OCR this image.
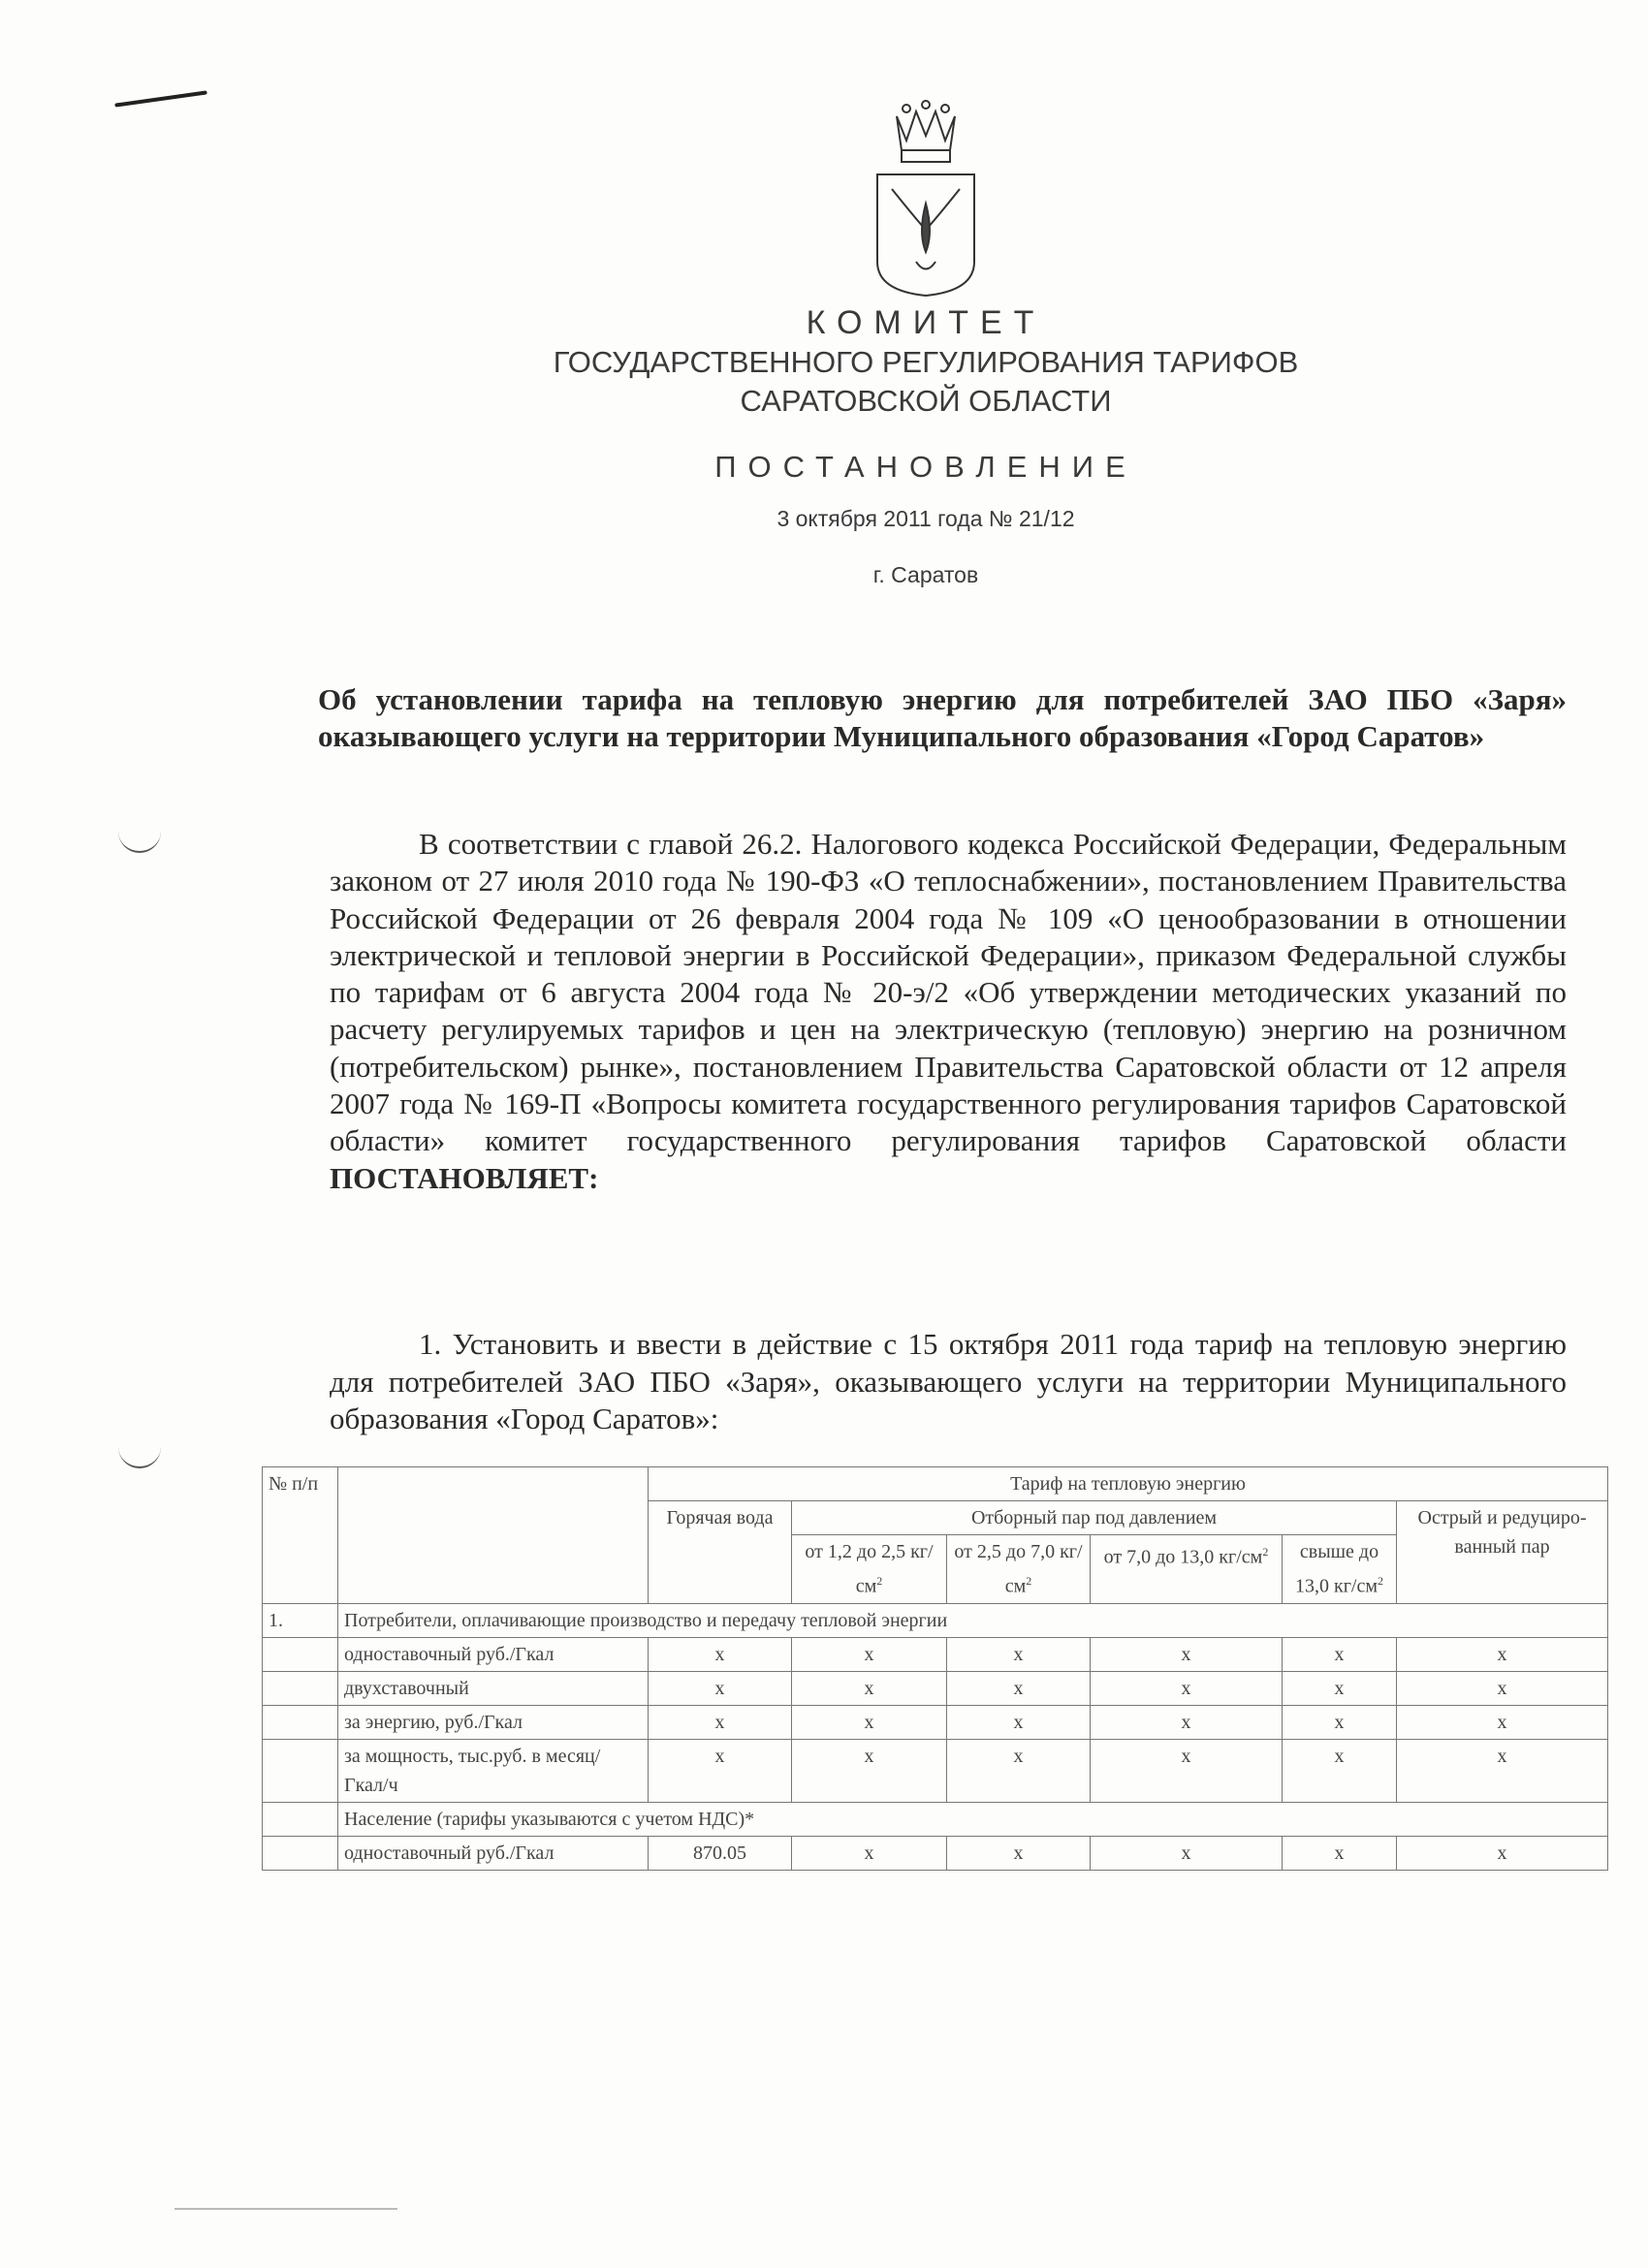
КОМИТЕТ

ГОСУДАРСТВЕННОГО РЕГУЛИРОВАНИЯ ТАРИФОВ

САРАТОВСКОЙ ОБЛАСТИ

ПОСТАНОВЛЕНИЕ
3 октября 2011 года № 21/12
г. Саратов

Об установлении тарифа на тепловую энергию для потребителей ЗАО ПБО «Заря» оказывающего услуги на территории Муниципального образования «Город Саратов»

В соответствии с главой 26.2. Налогового кодекса Российской Федерации, Федеральным законом от 27 июля 2010 года № 190-ФЗ «О теплоснабжении», постановлением Правительства Российской Федерации от 26 февраля 2004 года № 109 «О ценообразовании в отношении электрической и тепловой энергии в Российской Федерации», приказом Федеральной службы по тарифам от 6 августа 2004 года № 20-э/2 «Об утверждении методических указаний по расчету регулируемых тарифов и цен на электрическую (тепловую) энергию на розничном (потребительском) рынке», постановлением Правительства Саратовской области от 12 апреля 2007 года № 169-П «Вопросы комитета государственного регулирования тарифов Саратовской области» комитет государственного регулирования тарифов Саратовской области ПОСТАНОВЛЯЕТ:

1. Установить и ввести в действие с 15 октября 2011 года тариф на тепловую энергию для потребителей ЗАО ПБО «Заря», оказывающего услуги на территории Муниципального образования «Город Саратов»:

№ п/п		Тариф на тепловую энергию					
		Горячая вода	Отборный пар под давлением				Острый и редуциро-ванный пар
			от 1,2 до 2,5 $кг/см^2$	от 2,5 до 7,0 $кг/см^2$	от 7,0 до 13,0 $кг/см^2$	свыше до 13,0 $кг/см^2$
1.	Потребители, оплачивающие производство и передачу тепловой энергии						
	одноставочный руб./Гкал	x	x	x	x	x	x
	двухставочный	x	x	x	x	x	x
	за энергию, руб./Гкал	x	x	x	x	x	x
	за мощность, тыс.руб. в месяц/Гкал/ч	x	x	x	x	x	x
	Население (тарифы указываются с учетом НДС)*						
	одноставочный руб./Гкал	870.05	x	x	x	x	x
